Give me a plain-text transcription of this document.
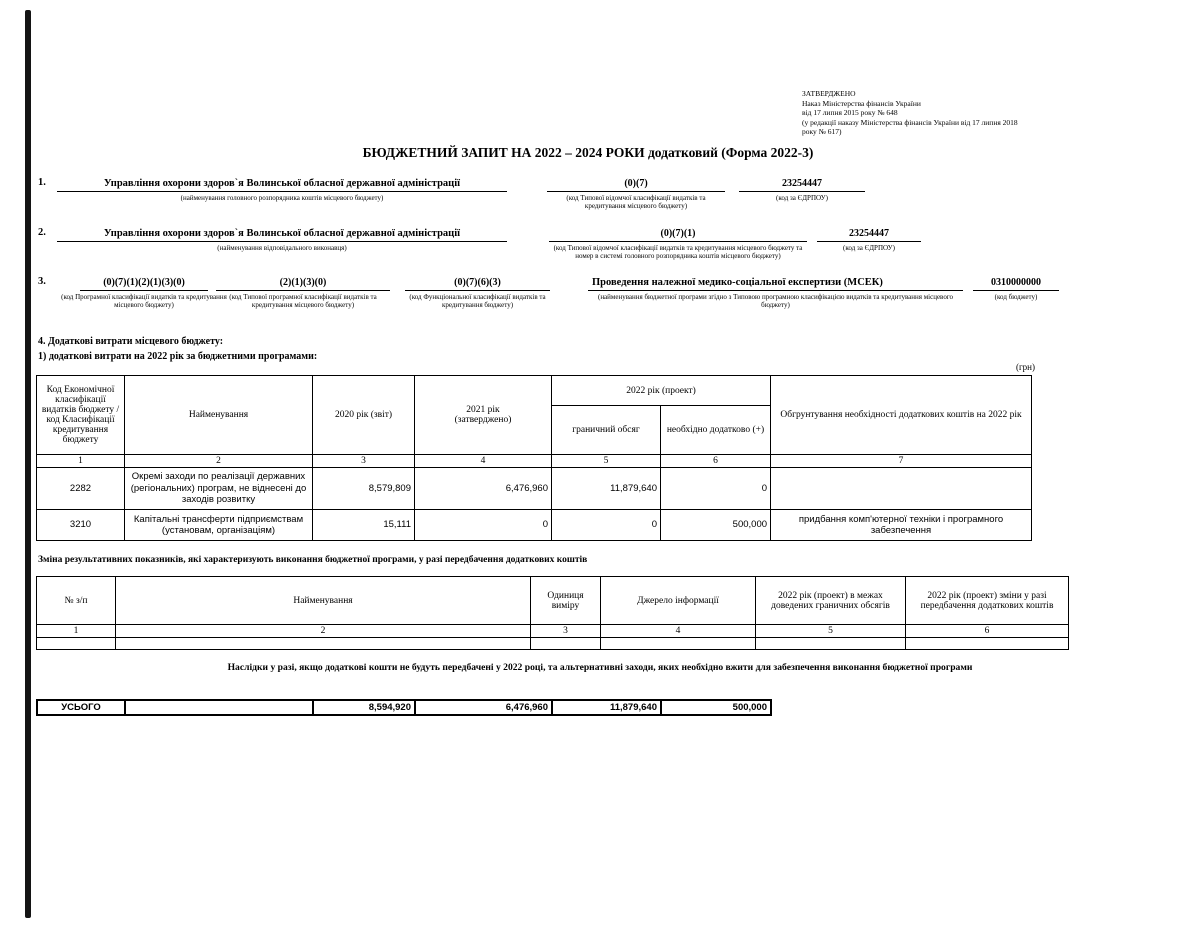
ЗАТВЕРДЖЕНО
Наказ Міністерства фінансів України
від 17 липня 2015 року № 648
(у редакції наказу Міністерства фінансів України від 17 липня 2018
року № 617)
БЮДЖЕТНИЙ ЗАПИТ НА 2022 – 2024 РОКИ додатковий (Форма 2022-3)
1.	Управління охорони здоров`я Волинської обласної державної адміністрації
(найменування головного розпорядника коштів місцевого бюджету)
(0)(7)
(код Типової відомчої класифікації видатків та кредитування місцевого бюджету)
23254447
(код за ЄДРПОУ)
2.	Управління охорони здоров`я Волинської обласної державної адміністрації
(найменування відповідального виконавця)
(0)(7)(1)
(код Типової відомчої класифікації видатків та кредитування місцевого бюджету та номер в системі головного розпорядника коштів місцевого бюджету)
23254447
(код за ЄДРПОУ)
3.	(0)(7)(1)(2)(1)(3)(0)
(код Програмної класифікації видатків та кредитування місцевого бюджету)
(2)(1)(3)(0)
(код Типової програмної класифікації видатків та кредитування місцевого бюджету)
(0)(7)(6)(3)
(код Функціональної класифікації видатків та кредитування бюджету)
Проведення належної медико-соціальної експертизи (МСЕК)
(найменування бюджетної програми згідно з Типовою програмною класифікацією видатків та кредитування місцевого бюджету)
0310000000
(код бюджету)
4. Додаткові витрати місцевого бюджету:
1) додаткові витрати на 2022 рік за бюджетними програмами:
(грн)
Код Економічної класифікації видатків бюджету / код Класифікації кредитування бюджету	Найменування	2020 рік (звіт)	2021 рік (затверджено)	2022 рік (проект)		Обгрунтування необхідності додаткових коштів на 2022 рік
				граничний обсяг	необхідно додатково (+)	
1	2	3	4	5	6	7
2282	Окремі заходи по реалізації державних (регіональних) програм, не віднесені до заходів розвитку	8,579,809	6,476,960	11,879,640	0	
3210	Капітальні трансферти підприємствам (установам, організаціям)	15,111	0	0	500,000	придбання комп'ютерної техніки і програмного забезпечення
Зміна результативних показників, які характеризують виконання бюджетної програми, у разі передбачення додаткових коштів
№ з/п	Найменування	Одиниця виміру	Джерело інформації	2022 рік (проект) в межах доведених граничних обсягів	2022 рік (проект) зміни у разі передбачення додаткових коштів
1	2	3	4	5	6

Наслідки у разі, якщо додаткові кошти не будуть передбачені у 2022 році, та альтернативні заходи, яких необхідно вжити для забезпечення виконання бюджетної програми
УСЬОГО		8,594,920	6,476,960	11,879,640	500,000
